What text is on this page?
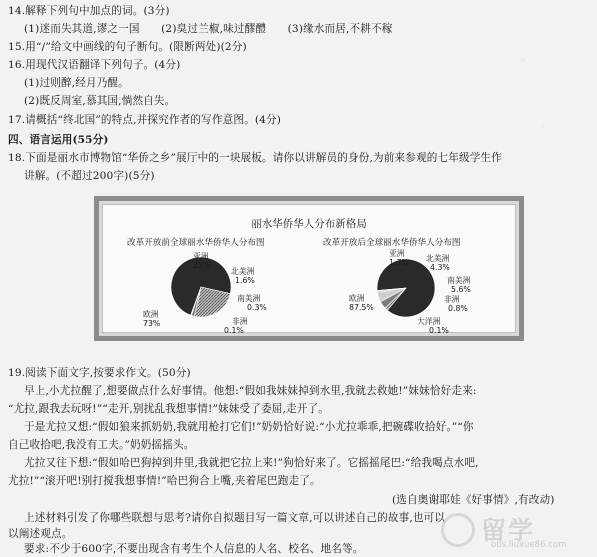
14.解释下列句中加点的词。(3分)
(1)迷而失其道,谬之一国　　(2)臭过兰椒,味过醪醴　　(3)缘水而居,不耕不稼
15.用“/”给文中画线的句子断句。(限断两处)(2分)
16.用现代汉语翻译下列句子。(4分)
(1)过则醉,经月乃醒。
(2)既反周室,慕其国,惝然自失。
17.请概括“终北国”的特点,并探究作者的写作意图。(4分)
四、语言运用(55分)
18.下面是丽水市博物馆“华侨之乡”展厅中的一块展板。请你以讲解员的身份,为前来参观的七年级学生作
讲解。(不超过200字)(5分)
丽水华侨华人分布新格局
改革开放前全球丽水华侨华人分布图	改革开放后全球丽水华侨华人分布图
亚洲
25%
北美洲
1.6%
南美洲
0.3%
非洲
0.1%
欧洲
73%
亚洲
1.7% 北美洲
4.3%
南美洲
5.6%
非洲
0.8%
大洋洲
0.1%
欧洲
87.5%
19.阅读下面文字,按要求作文。(50分)
早上,小尤拉醒了,想要做点什么好事情。他想:“假如我妹妹掉到水里,我就去救她!”妹妹恰好走来:
“尤拉,跟我去玩呀!”“走开,别扰乱我想事情!”妹妹受了委屈,走开了。
于是尤拉又想:“假如狼来抓奶奶,我就用枪打它们!”奶奶恰好说:“小尤拉乖乖,把碗碟收拾好。”“你
自己收拾吧,我没有工夫。”奶奶摇摇头。
尤拉又往下想:“假如哈巴狗掉到井里,我就把它拉上来!”狗恰好来了。它摇摇尾巴:“给我喝点水吧,
尤拉!”“滚开吧!别打搅我想事情!”哈巴狗合上嘴,夹着尾巴跑走了。
(选自奥谢耶娃《好事情》,有改动)
上述材料引发了你哪些联想与思考?请你自拟题目写一篇文章,可以讲述自己的故事,也可以
以阐述观点。
要求:不少于600字,不要出现含有考生个人信息的人名、校名、地名等。
⁘
⁘
留学
bbs.liuxue86.com
